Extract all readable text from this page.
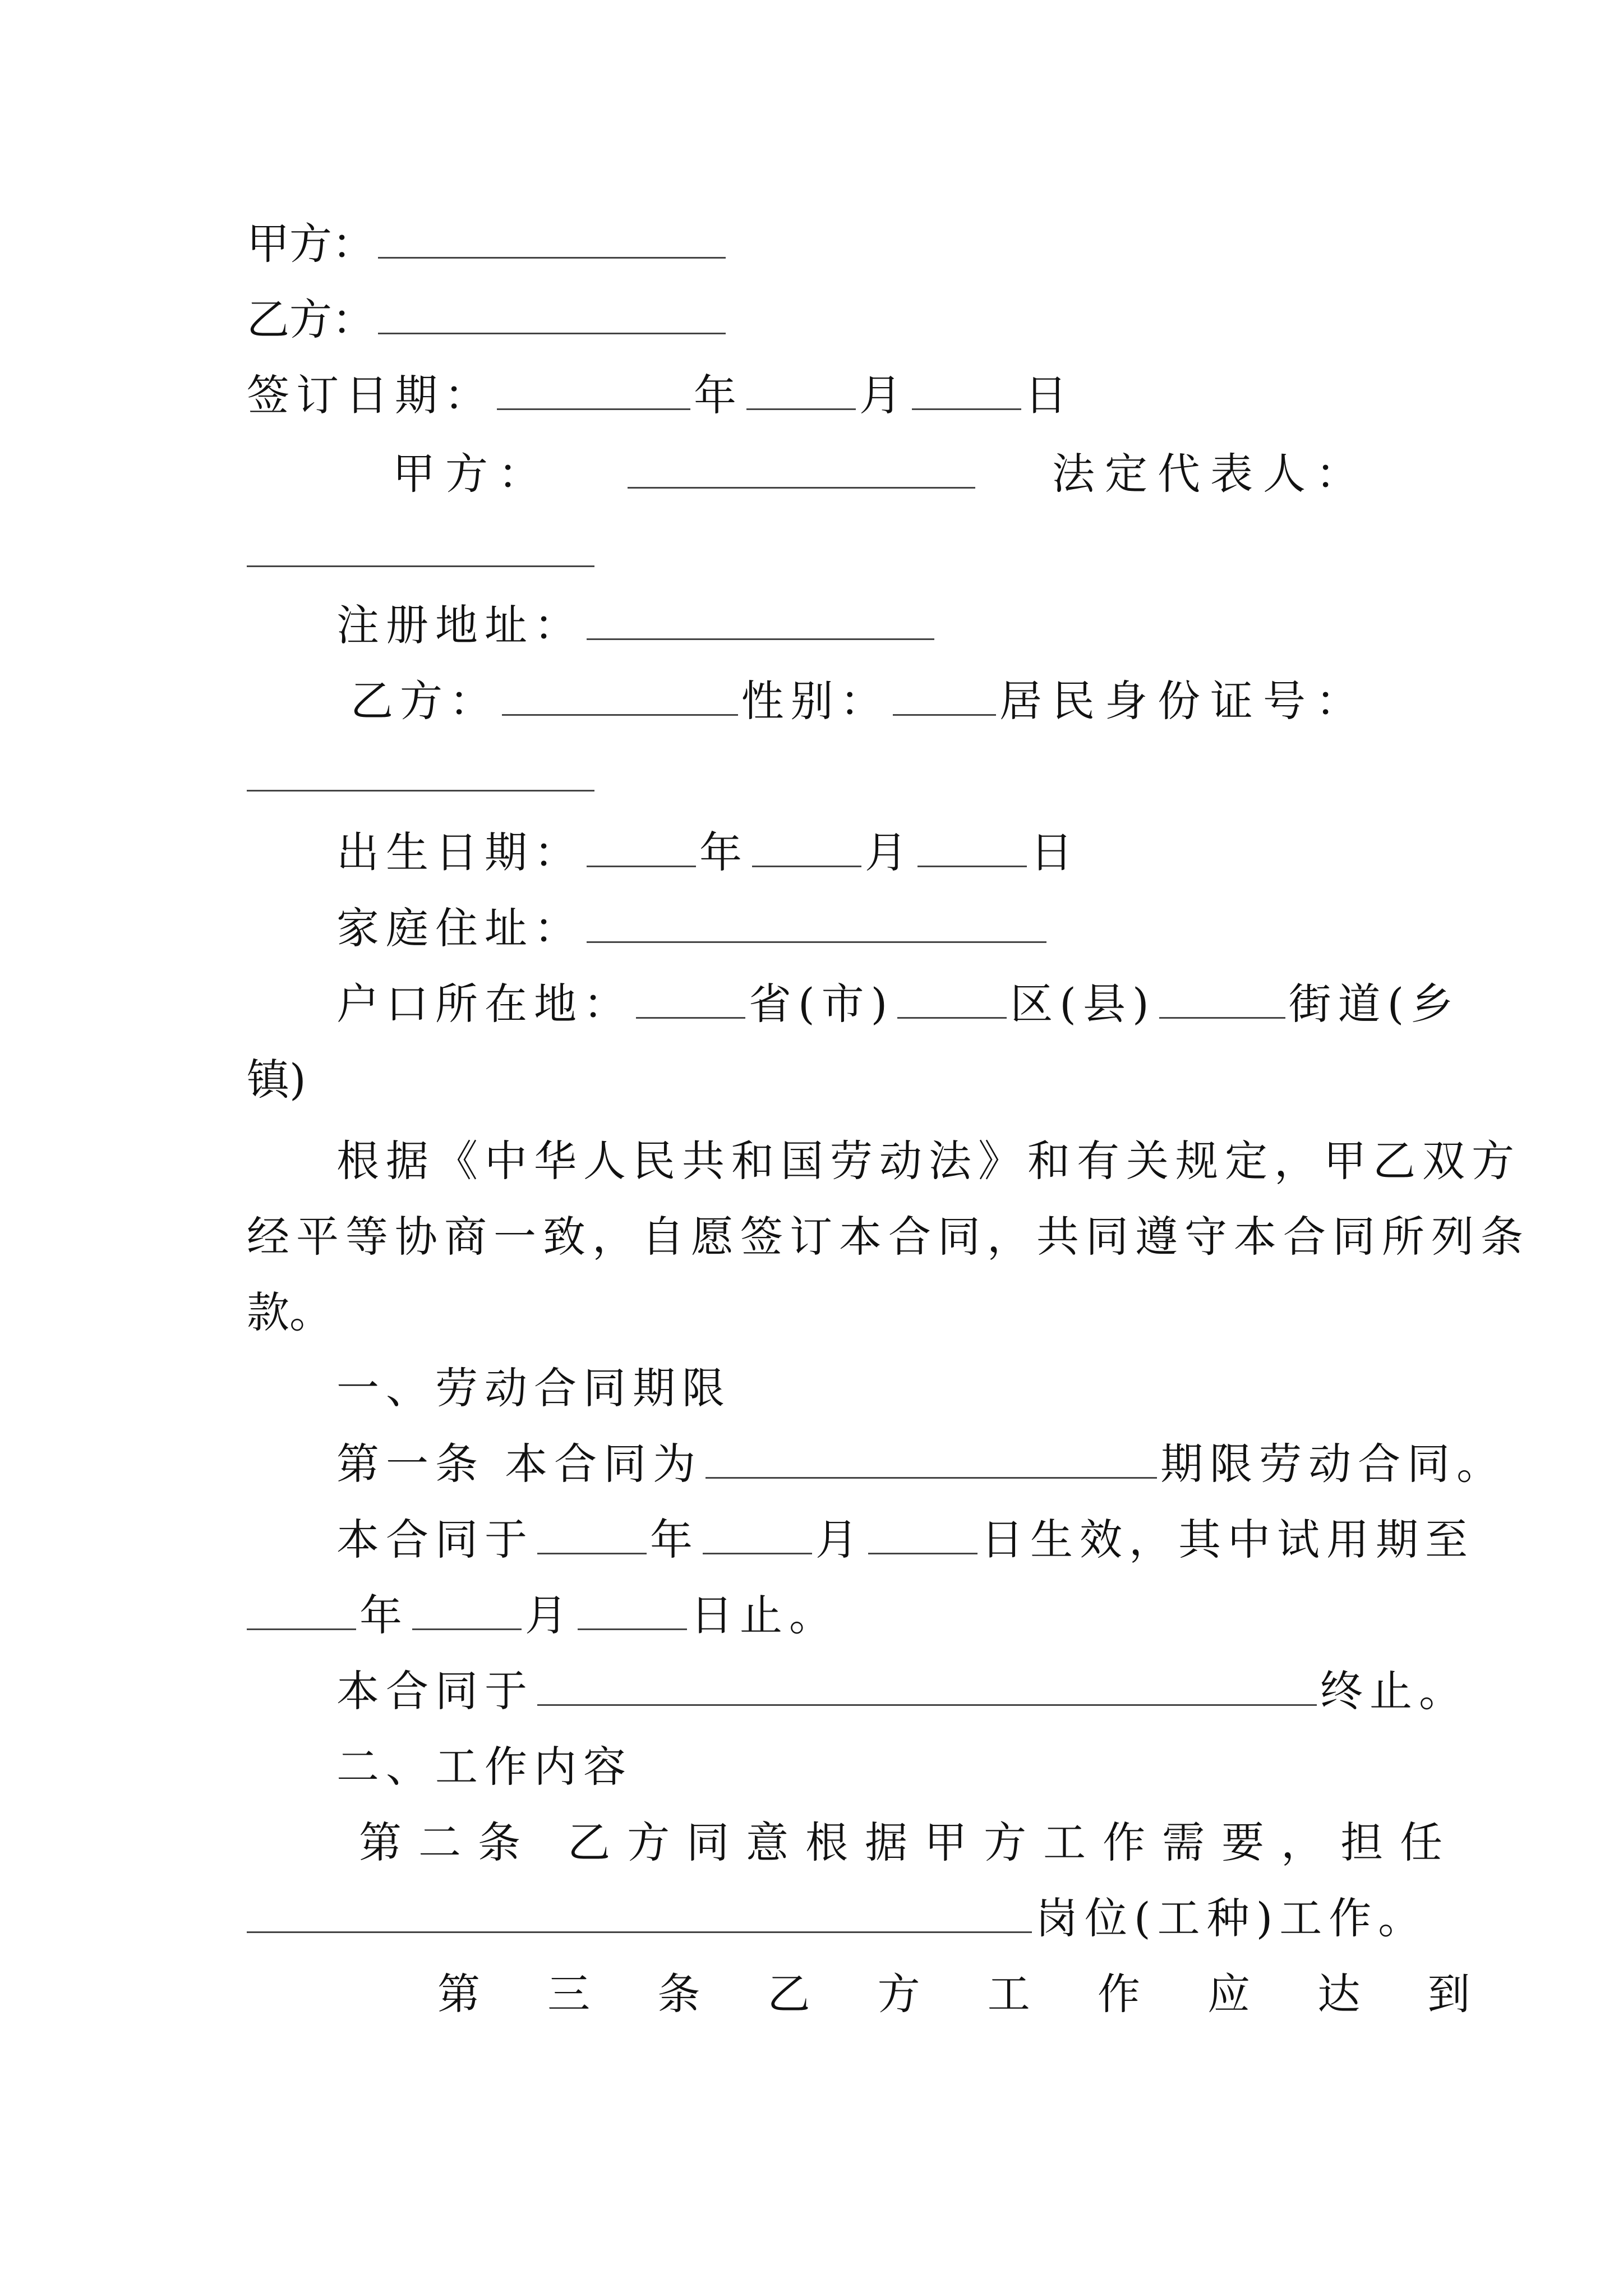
甲方：
乙方：
签订日期：	年	月	日
甲方：	法定代表人：
注册地址：
乙方：	性别：	居民身份证号：
出生日期：	年	月	日
家庭住址：
户口所在地：	省(市)	区(县)	街道(乡
镇)
根据《中华人民共和国劳动法》和有关规定，甲乙双方
经平等协商一致，自愿签订本合同，共同遵守本合同所列条
款。
一、劳动合同期限
第一条 本合同为	期限劳动合同。
本合同于	年	月	日生效，其中试用期至
年	月	日止。
本合同于	终止。
二、工作内容
第二条 乙方同意根据甲方工作需要，担任
岗位(工种)工作。
第 三 条 乙 方 工 作 应 达 到
